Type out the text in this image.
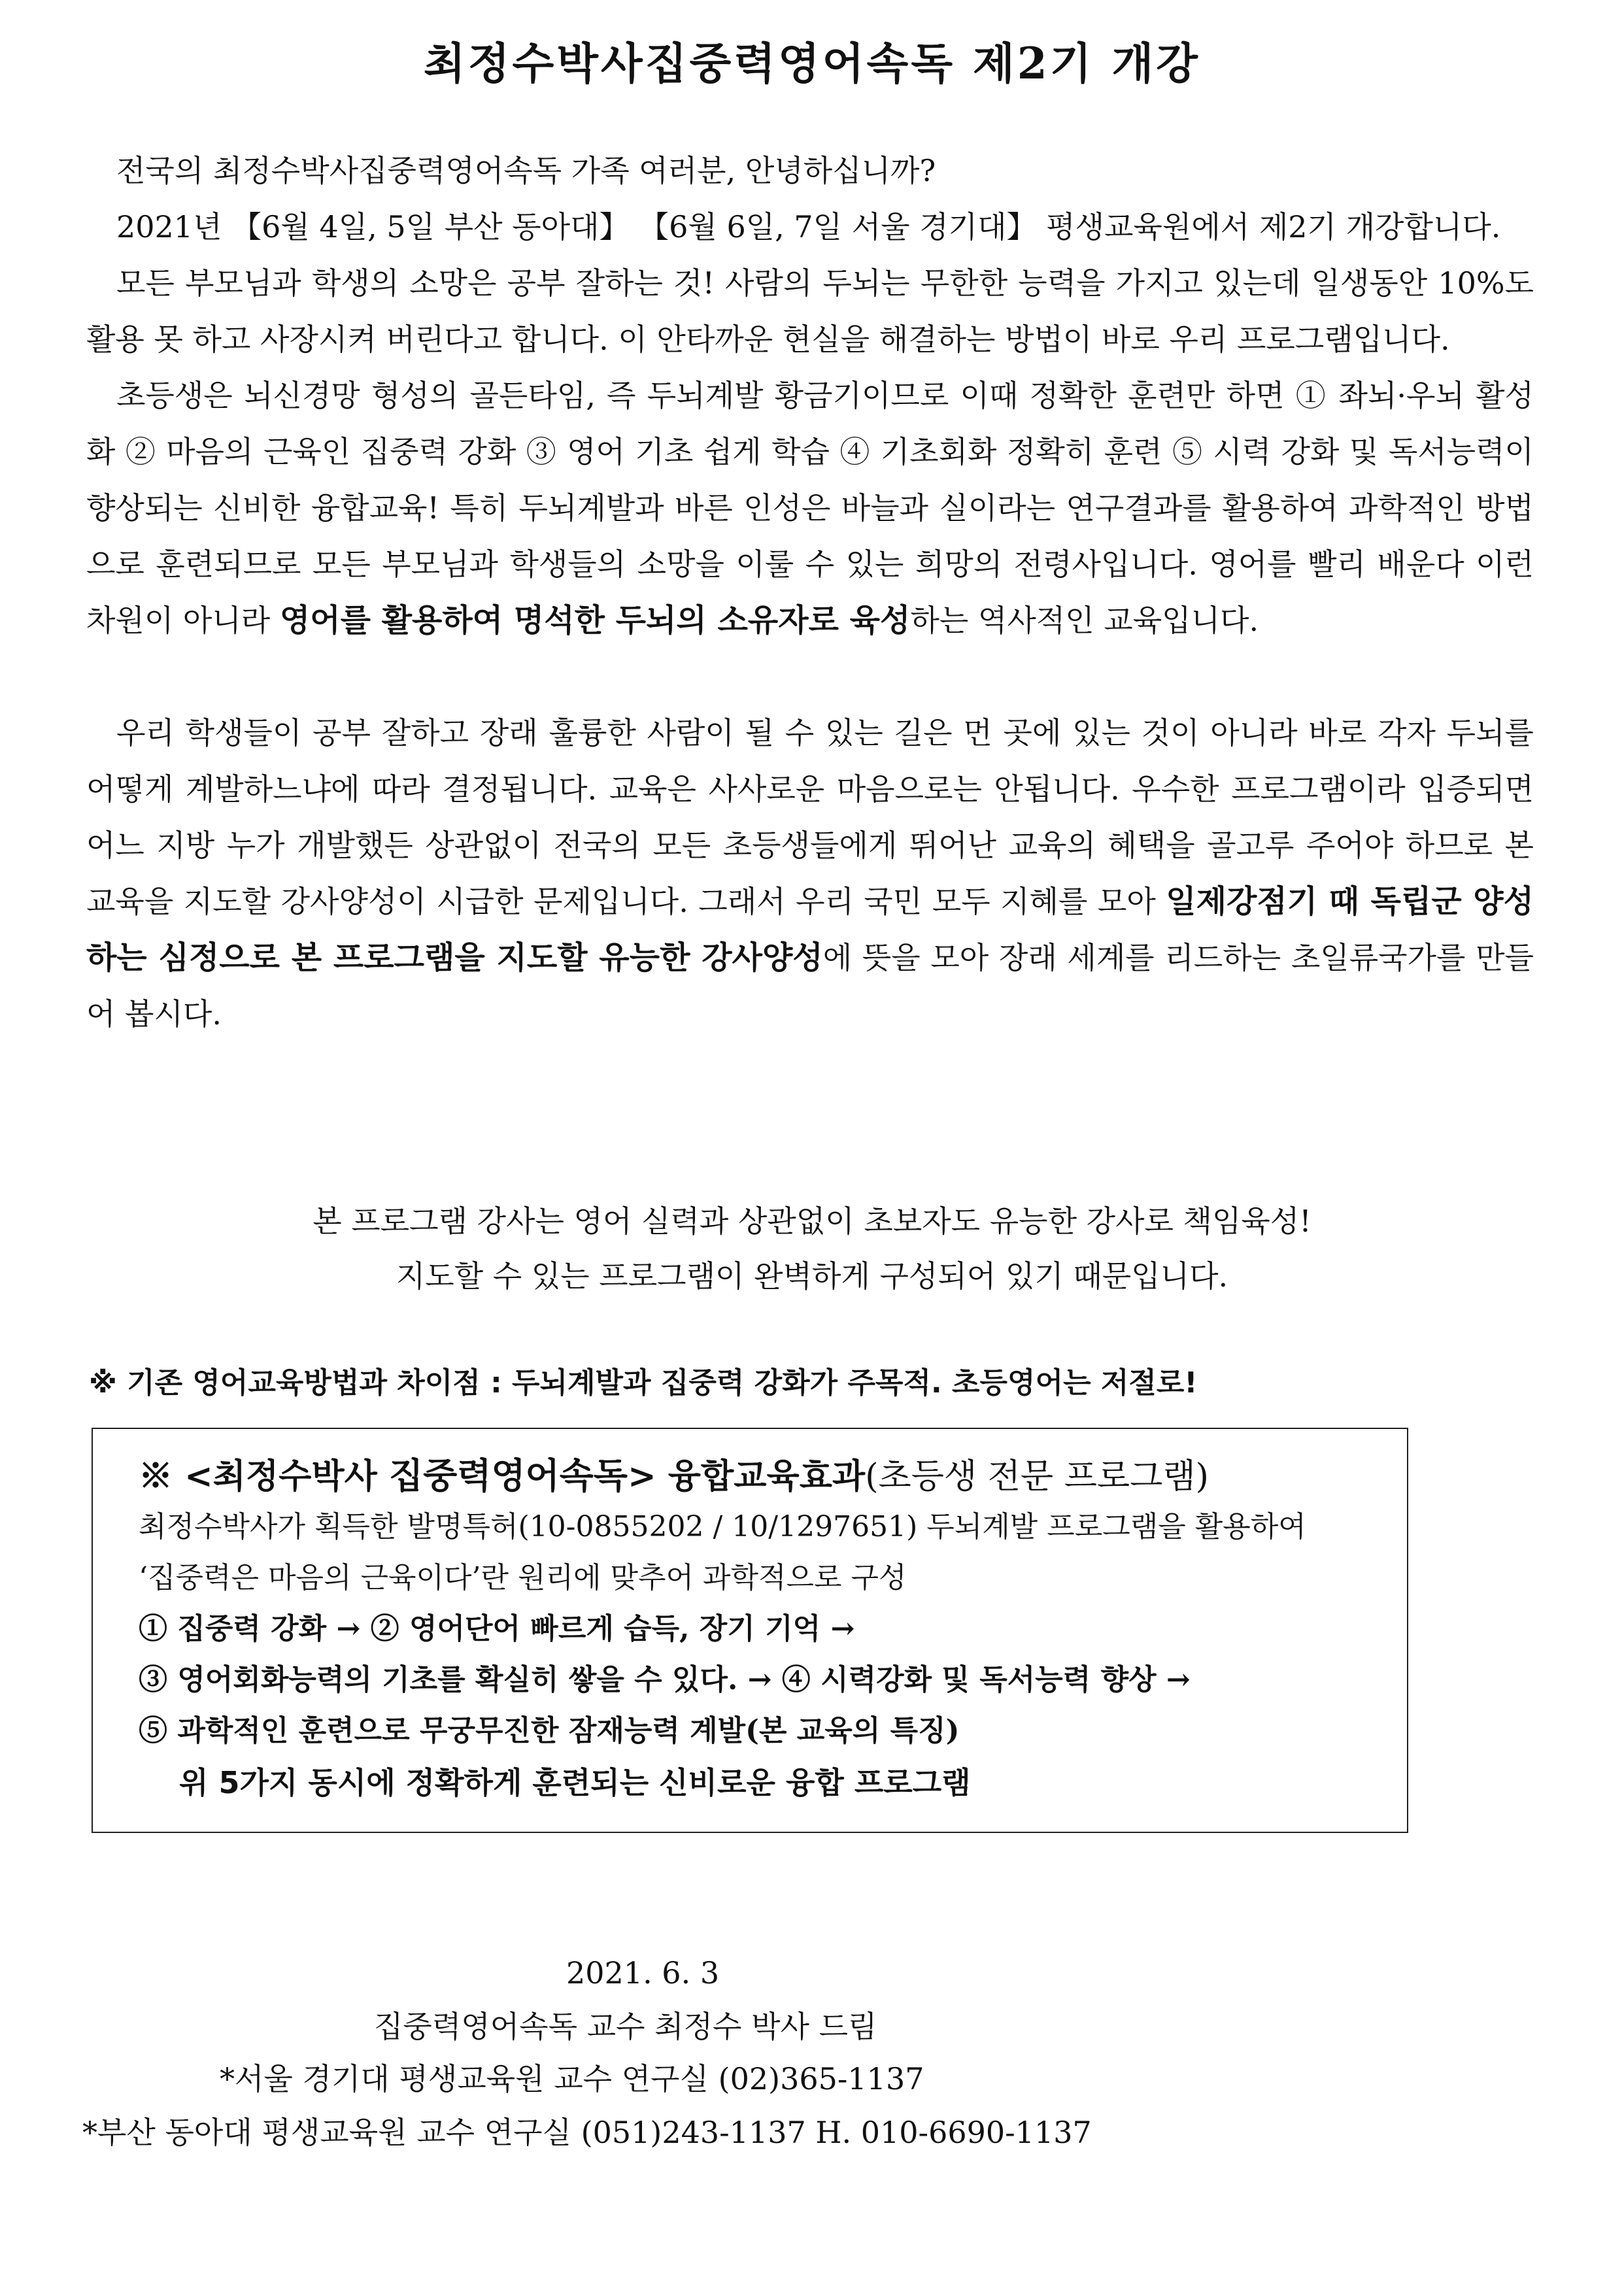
최정수박사집중력영어속독 제2기 개강

전국의 최정수박사집중력영어속독 가족 여러분, 안녕하십니까?

2021년 【6월 4일, 5일 부산 동아대】 【6월 6일, 7일 서울 경기대】 평생교육원에서 제2기 개강합니다.

모든 부모님과 학생의 소망은 공부 잘하는 것! 사람의 두뇌는 무한한 능력을 가지고 있는데 일생동안 10%도 활용 못 하고 사장시켜 버린다고 합니다. 이 안타까운 현실을 해결하는 방법이 바로 우리 프로그램입니다.

초등생은 뇌신경망 형성의 골든타임, 즉 두뇌계발 황금기이므로 이때 정확한 훈련만 하면 ① 좌뇌·우뇌 활성화 ② 마음의 근육인 집중력 강화 ③ 영어 기초 쉽게 학습 ④ 기초회화 정확히 훈련 ⑤ 시력 강화 및 독서능력이 향상되는 신비한 융합교육! 특히 두뇌계발과 바른 인성은 바늘과 실이라는 연구결과를 활용하여 과학적인 방법으로 훈련되므로 모든 부모님과 학생들의 소망을 이룰 수 있는 희망의 전령사입니다. 영어를 빨리 배운다 이런 차원이 아니라 영어를 활용하여 명석한 두뇌의 소유자로 육성하는 역사적인 교육입니다.

우리 학생들이 공부 잘하고 장래 훌륭한 사람이 될 수 있는 길은 먼 곳에 있는 것이 아니라 바로 각자 두뇌를 어떻게 계발하느냐에 따라 결정됩니다. 교육은 사사로운 마음으로는 안됩니다. 우수한 프로그램이라 입증되면 어느 지방 누가 개발했든 상관없이 전국의 모든 초등생들에게 뛰어난 교육의 혜택을 골고루 주어야 하므로 본 교육을 지도할 강사양성이 시급한 문제입니다. 그래서 우리 국민 모두 지혜를 모아 일제강점기 때 독립군 양성하는 심정으로 본 프로그램을 지도할 유능한 강사양성에 뜻을 모아 장래 세계를 리드하는 초일류국가를 만들어 봅시다.

본 프로그램 강사는 영어 실력과 상관없이 초보자도 유능한 강사로 책임육성!
지도할 수 있는 프로그램이 완벽하게 구성되어 있기 때문입니다.
※ 기존 영어교육방법과 차이점 : 두뇌계발과 집중력 강화가 주목적. 초등영어는 저절로!
※ <최정수박사 집중력영어속독> 융합교육효과(초등생 전문 프로그램)
최정수박사가 획득한 발명특허(10-0855202 / 10/1297651) 두뇌계발 프로그램을 활용하여
‘집중력은 마음의 근육이다’란 원리에 맞추어 과학적으로 구성
① 집중력 강화 → ② 영어단어 빠르게 습득, 장기 기억 →
③ 영어회화능력의 기초를 확실히 쌓을 수 있다. → ④ 시력강화 및 독서능력 향상 →
⑤ 과학적인 훈련으로 무궁무진한 잠재능력 계발(본 교육의 특징)
위 5가지 동시에 정확하게 훈련되는 신비로운 융합 프로그램
2021. 6. 3
집중력영어속독 교수 최정수 박사 드림
*서울 경기대 평생교육원 교수 연구실 (02)365-1137
*부산 동아대 평생교육원 교수 연구실 (051)243-1137 H. 010-6690-1137
